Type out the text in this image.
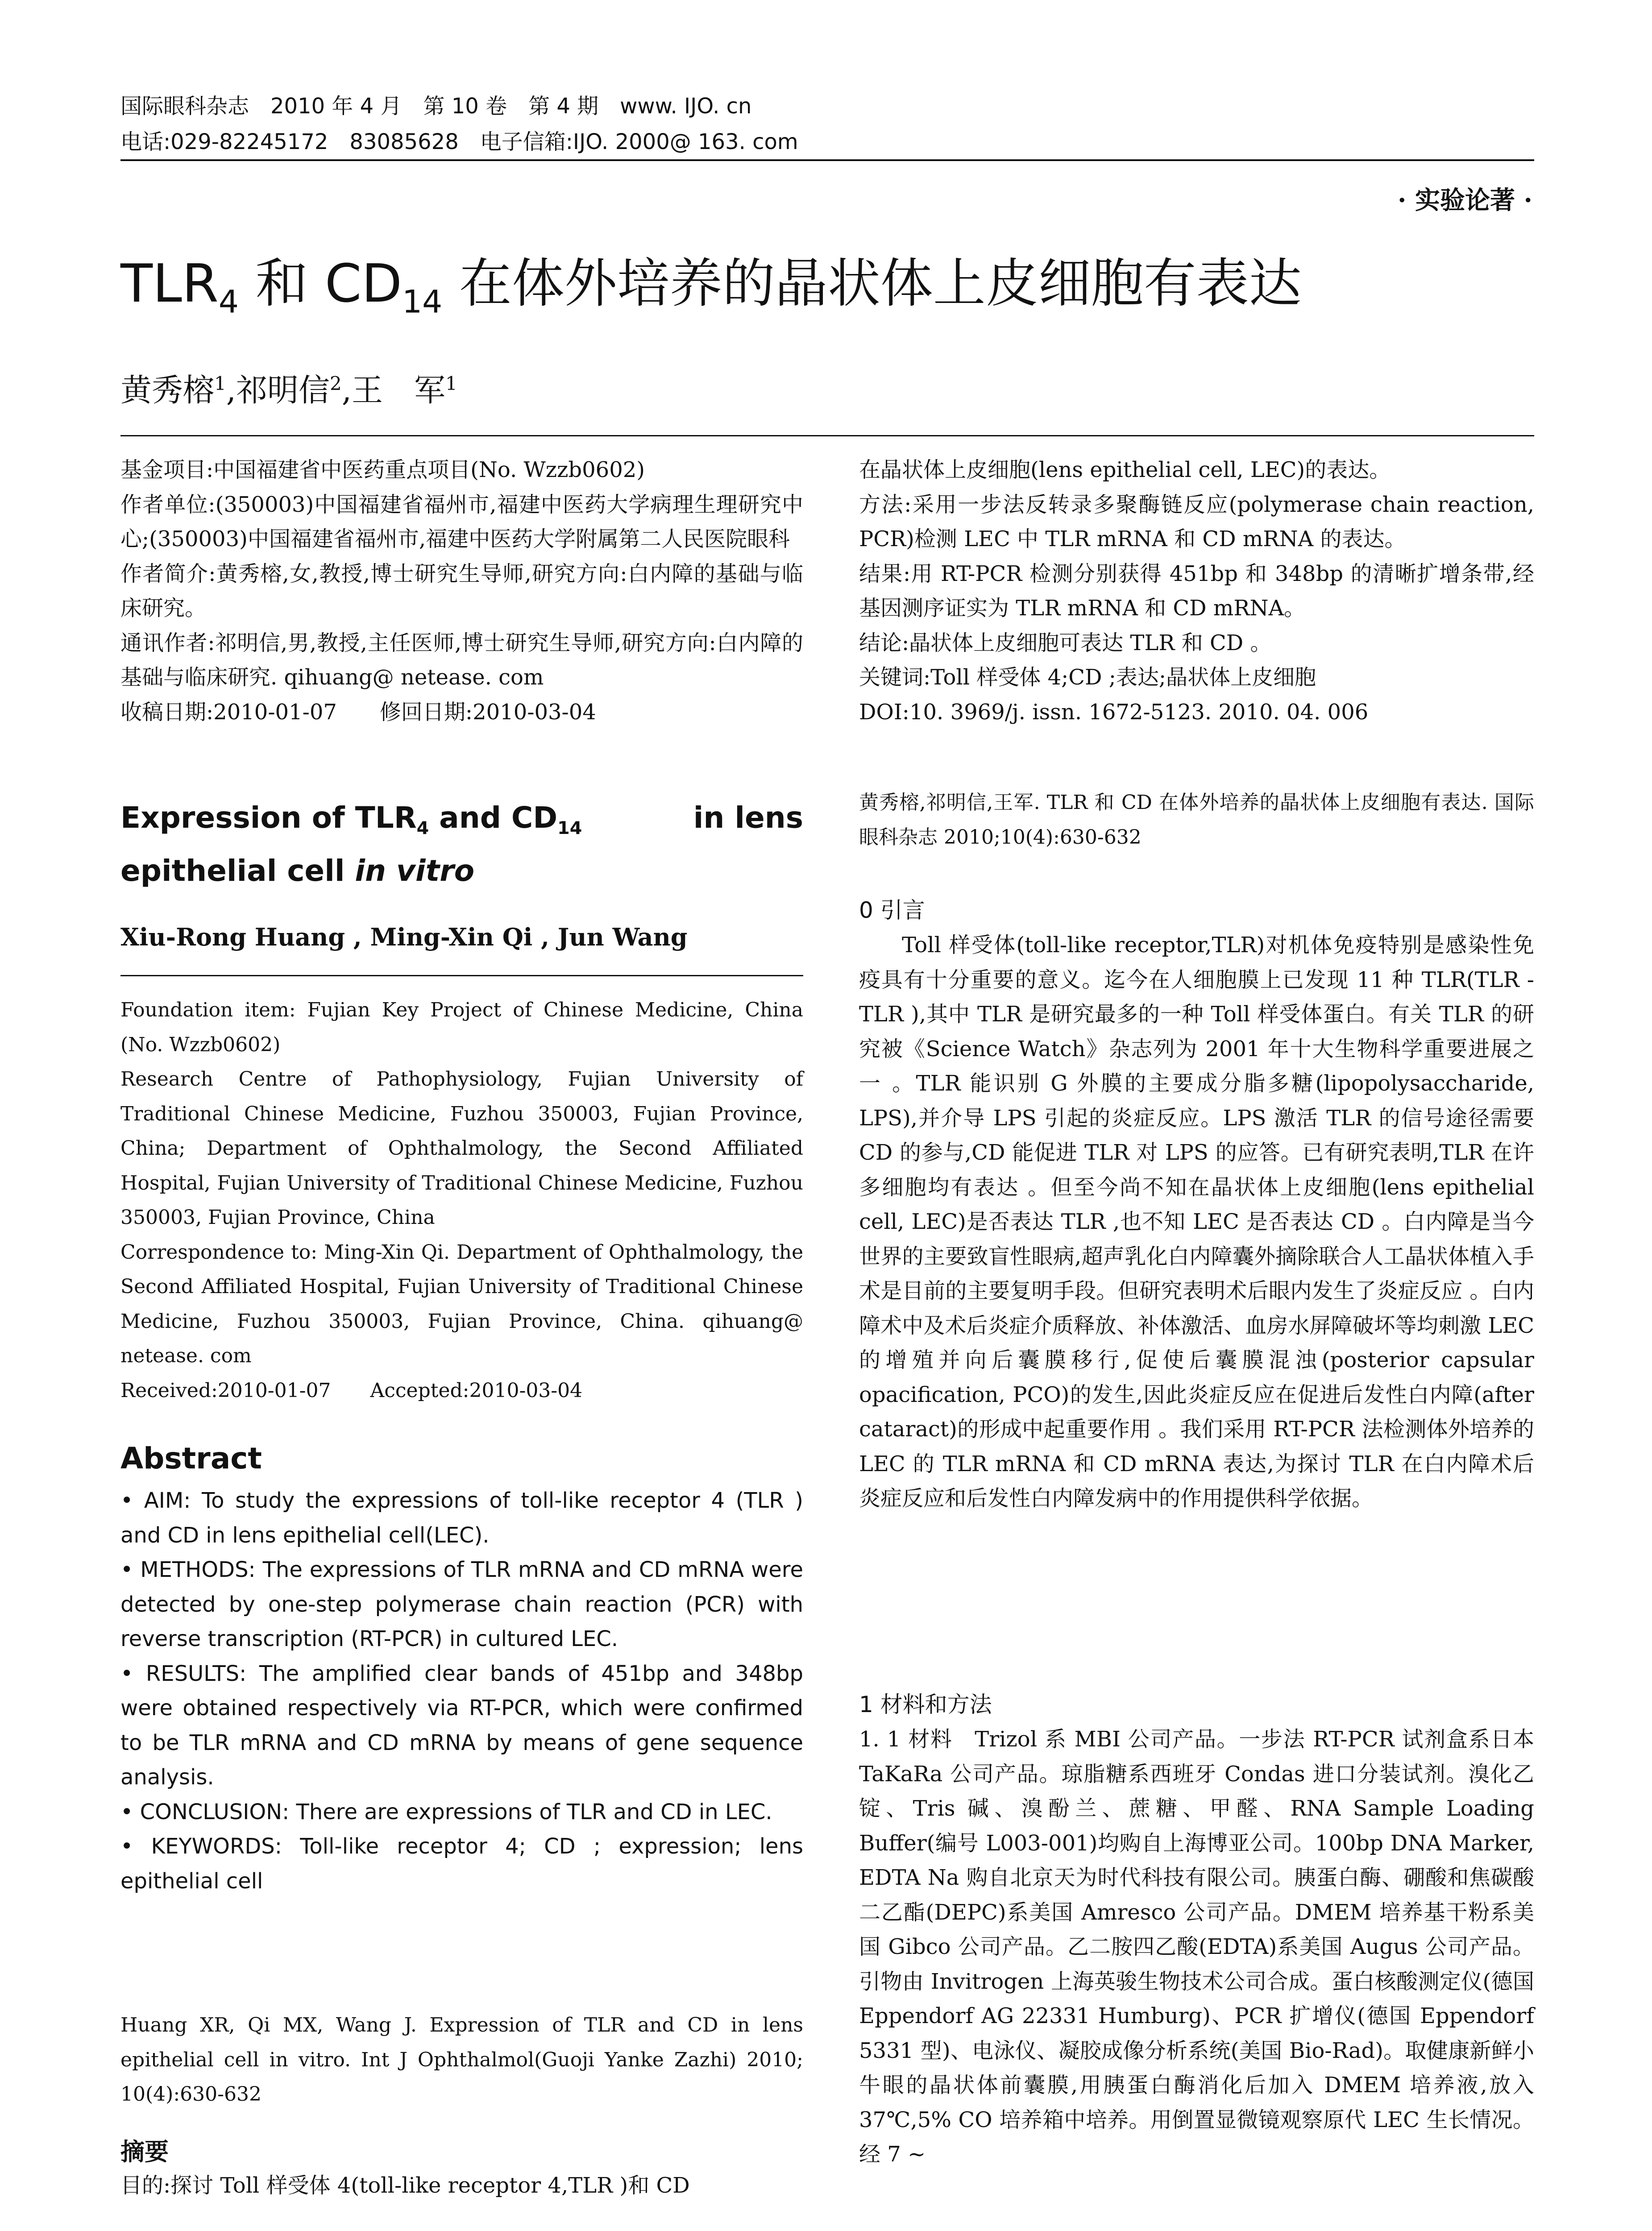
国际眼科杂志　2010 年 4 月　第 10 卷　第 4 期　www. IJO. cn
电话:029-82245172　83085628　电子信箱:IJO. 2000@ 163. com
· 实验论著 ·
$TLR_4$ 和 $CD_{14}$ 在体外培养的晶状体上皮细胞有表达
黄秀榕$^1$,祁明信$^2$,王　军$^1$

基金项目:中国福建省中医药重点项目(No. Wzzb0602)

作者单位:(350003)中国福建省福州市,福建中医药大学病理生理研究中心;(350003)中国福建省福州市,福建中医药大学附属第二人民医院眼科

作者简介:黄秀榕,女,教授,博士研究生导师,研究方向:白内障的基础与临床研究。

通讯作者:祁明信,男,教授,主任医师,博士研究生导师,研究方向:白内障的基础与临床研究. qihuang@ netease. com

收稿日期:2010-01-07　　修回日期:2010-03-04

Expression of $TLR_4$ and $CD_{14}$	in lens
epithelial cell in vitro
Xiu-Rong Huang , Ming-Xin Qi , Jun Wang

Foundation item: Fujian Key Project of Chinese Medicine, China (No. Wzzb0602)

Research Centre of Pathophysiology, Fujian University of Traditional Chinese Medicine, Fuzhou 350003, Fujian Province, China; Department of Ophthalmology, the Second Affiliated Hospital, Fujian University of Traditional Chinese Medicine, Fuzhou 350003, Fujian Province, China

Correspondence to: Ming-Xin Qi. Department of Ophthalmology, the Second Affiliated Hospital, Fujian University of Traditional Chinese Medicine, Fuzhou 350003, Fujian Province, China. qihuang@ netease. com

Received:2010-01-07　　Accepted:2010-03-04

Abstract

• AIM: To study the expressions of toll-like receptor 4 (TLR ) and CD in lens epithelial cell(LEC).

• METHODS: The expressions of TLR mRNA and CD mRNA were detected by one-step polymerase chain reaction (PCR) with reverse transcription (RT-PCR) in cultured LEC.

• RESULTS: The amplified clear bands of 451bp and 348bp were obtained respectively via RT-PCR, which were confirmed to be TLR mRNA and CD mRNA by means of gene sequence analysis.

• CONCLUSION: There are expressions of TLR and CD in LEC.

• KEYWORDS: Toll-like receptor 4; CD ; expression; lens epithelial cell

Huang XR, Qi MX, Wang J. Expression of TLR and CD in lens epithelial cell in vitro. Int J Ophthalmol(Guoji Yanke Zazhi) 2010; 10(4):630-632
摘要
目的:探讨 Toll 样受体 4(toll-like receptor 4,TLR )和 CD

在晶状体上皮细胞(lens epithelial cell, LEC)的表达。

方法:采用一步法反转录多聚酶链反应(polymerase chain reaction, PCR)检测 LEC 中 TLR mRNA 和 CD mRNA 的表达。

结果:用 RT-PCR 检测分别获得 451bp 和 348bp 的清晰扩增条带,经基因测序证实为 TLR mRNA 和 CD mRNA。

结论:晶状体上皮细胞可表达 TLR 和 CD 。

关键词:Toll 样受体 4;CD ;表达;晶状体上皮细胞

DOI:10. 3969/j. issn. 1672-5123. 2010. 04. 006

黄秀榕,祁明信,王军. TLR 和 CD 在体外培养的晶状体上皮细胞有表达. 国际眼科杂志 2010;10(4):630-632
0 引言
Toll 样受体(toll-like receptor,TLR)对机体免疫特别是感染性免疫具有十分重要的意义。迄今在人细胞膜上已发现 11 种 TLR(TLR - TLR ),其中 TLR 是研究最多的一种 Toll 样受体蛋白。有关 TLR 的研究被《Science Watch》杂志列为 2001 年十大生物科学重要进展之一 。TLR 能识别 G 外膜的主要成分脂多糖(lipopolysaccharide, LPS),并介导 LPS 引起的炎症反应。LPS 激活 TLR 的信号途径需要 CD 的参与,CD 能促进 TLR 对 LPS 的应答。已有研究表明,TLR 在许多细胞均有表达 。但至今尚不知在晶状体上皮细胞(lens epithelial cell, LEC)是否表达 TLR ,也不知 LEC 是否表达 CD 。白内障是当今世界的主要致盲性眼病,超声乳化白内障囊外摘除联合人工晶状体植入手术是目前的主要复明手段。但研究表明术后眼内发生了炎症反应 。白内障术中及术后炎症介质释放、补体激活、血房水屏障破坏等均刺激 LEC 的增殖并向后囊膜移行,促使后囊膜混浊(posterior capsular opacification, PCO)的发生,因此炎症反应在促进后发性白内障(after cataract)的形成中起重要作用 。我们采用 RT-PCR 法检测体外培养的 LEC 的 TLR mRNA 和 CD mRNA 表达,为探讨 TLR 在白内障术后炎症反应和后发性白内障发病中的作用提供科学依据。
1 材料和方法
1. 1 材料　Trizol 系 MBI 公司产品。一步法 RT-PCR 试剂盒系日本 TaKaRa 公司产品。琼脂糖系西班牙 Condas 进口分装试剂。溴化乙锭、Tris 碱、溴酚兰、蔗糖、甲醛、RNA Sample Loading Buffer(编号 L003-001)均购自上海博亚公司。100bp DNA Marker, EDTA Na 购自北京天为时代科技有限公司。胰蛋白酶、硼酸和焦碳酸二乙酯(DEPC)系美国 Amresco 公司产品。DMEM 培养基干粉系美国 Gibco 公司产品。乙二胺四乙酸(EDTA)系美国 Augus 公司产品。引物由 Invitrogen 上海英骏生物技术公司合成。蛋白核酸测定仪(德国 Eppendorf AG 22331 Humburg)、PCR 扩增仪(德国 Eppendorf 5331 型)、电泳仪、凝胶成像分析系统(美国 Bio-Rad)。取健康新鲜小牛眼的晶状体前囊膜,用胰蛋白酶消化后加入 DMEM 培养液,放入 37℃,5% CO 培养箱中培养。用倒置显微镜观察原代 LEC 生长情况。经 7 ~
